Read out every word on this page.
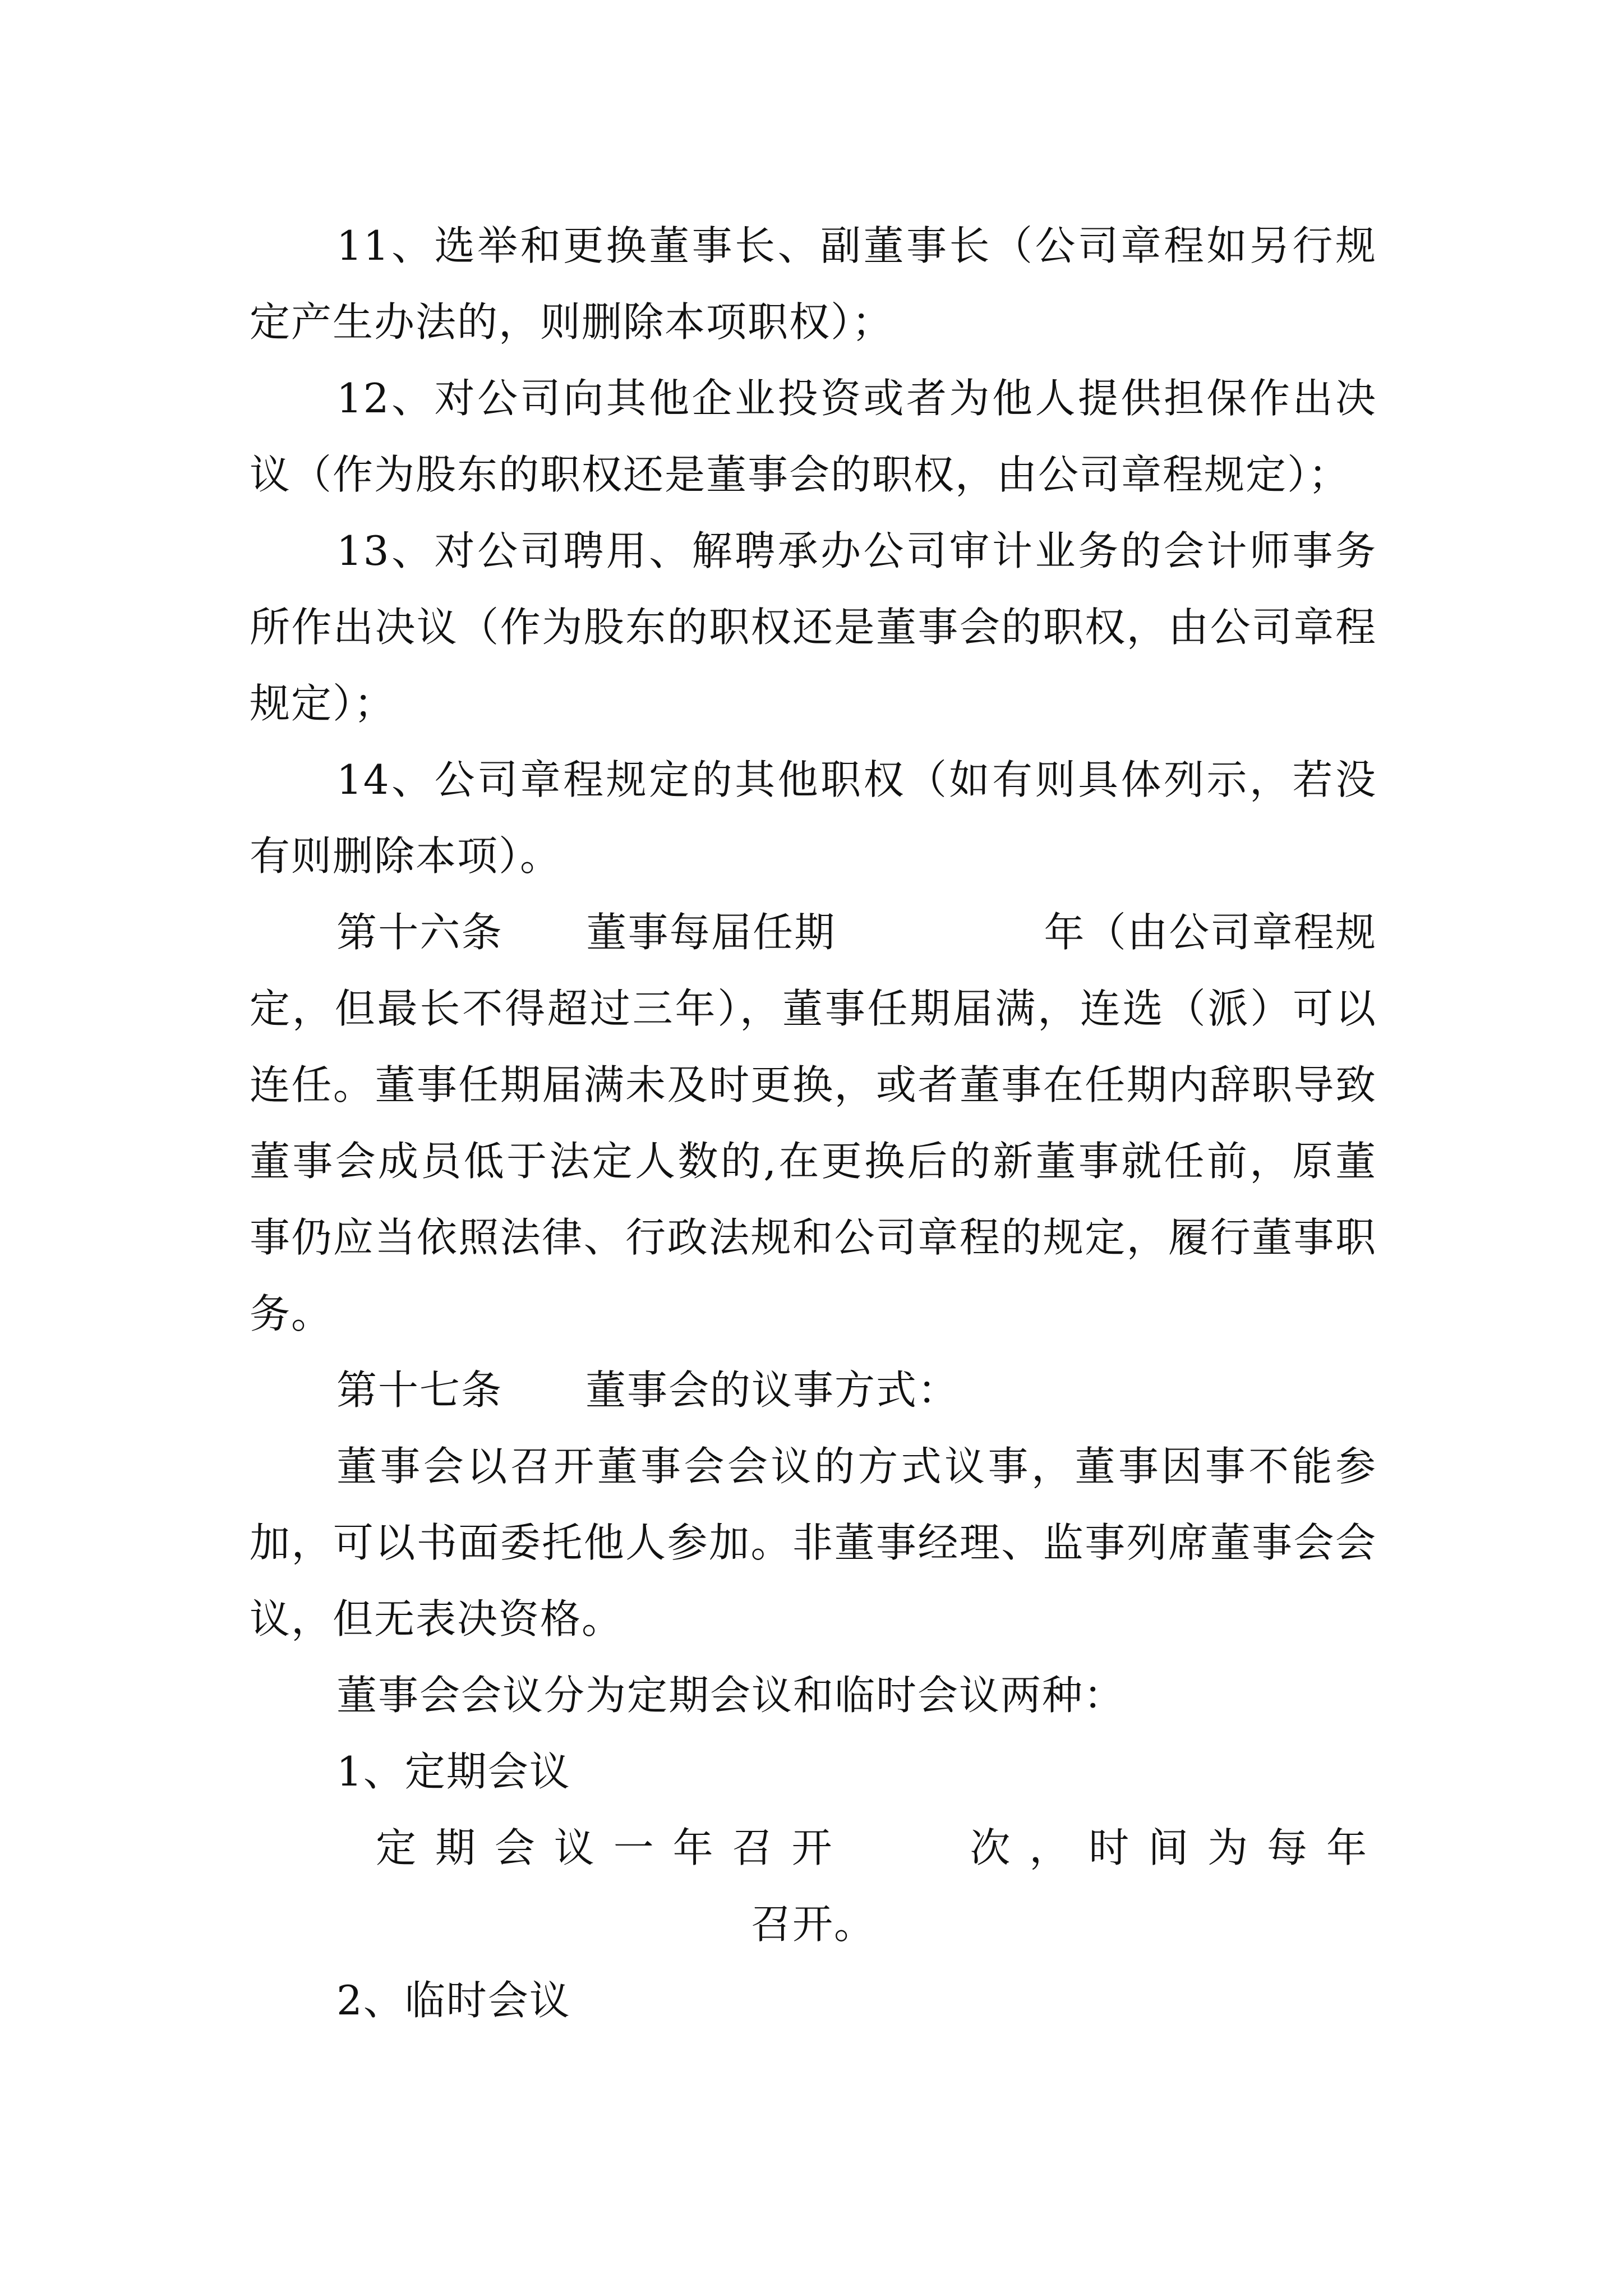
11、选举和更换董事长、副董事长（公司章程如另行规定产生办法的，则删除本项职权）；

12、对公司向其他企业投资或者为他人提供担保作出决议（作为股东的职权还是董事会的职权，由公司章程规定）；

13、对公司聘用、解聘承办公司审计业务的会计师事务所作出决议（作为股东的职权还是董事会的职权，由公司章程规定）；

14、公司章程规定的其他职权（如有则具体列示，若没有则删除本项）。

第十六条　　董事每届任期　　　　　年（由公司章程规定，但最长不得超过三年），董事任期届满，连选（派）可以连任。董事任期届满未及时更换，或者董事在任期内辞职导致董事会成员低于法定人数的,在更换后的新董事就任前，原董事仍应当依照法律、行政法规和公司章程的规定，履行董事职务。

第十七条　　董事会的议事方式：

董事会以召开董事会会议的方式议事，董事因事不能参加，可以书面委托他人参加。非董事经理、监事列席董事会会议，但无表决资格。

董事会会议分为定期会议和临时会议两种：

1、定期会议

定期会议一年召开　　次，时间为每年

召开。

2、临时会议
